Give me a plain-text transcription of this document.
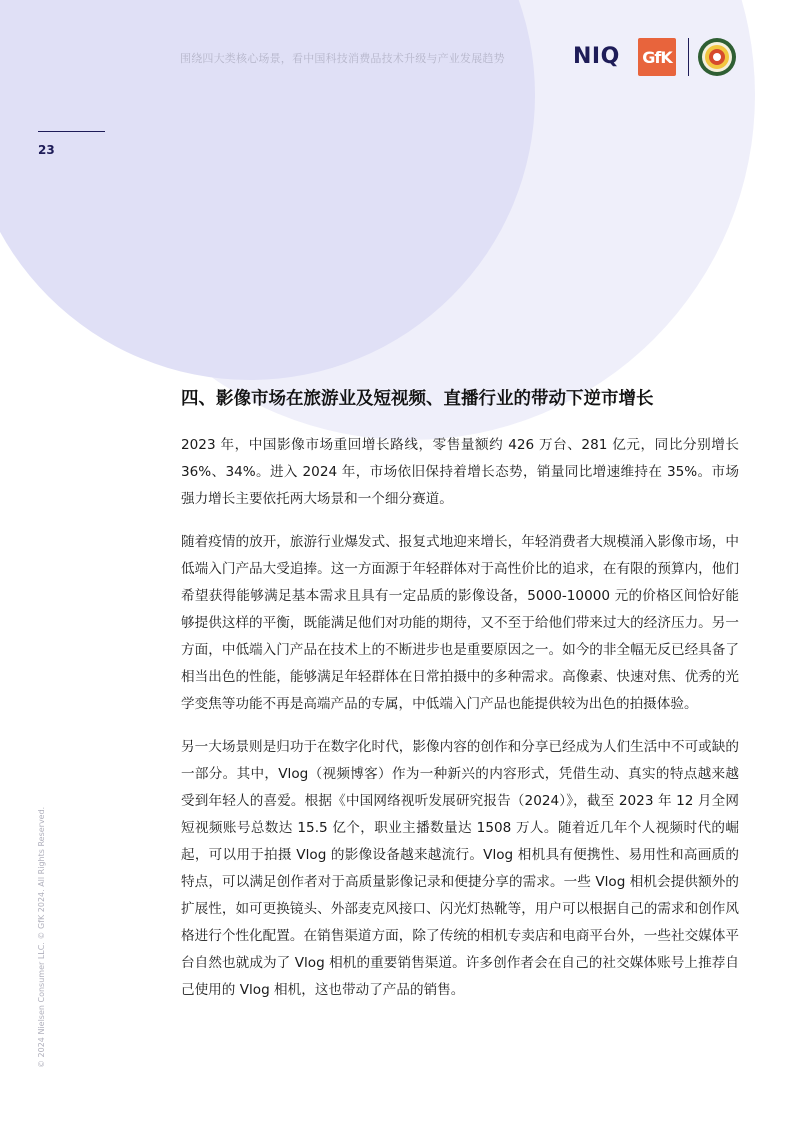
围绕四大类核心场景，看中国科技消费品技术升级与产业发展趋势	NIQ GfK
23
© 2024 Nielsen Consumer LLC. © GfK 2024. All Rights Reserved.
四、影像市场在旅游业及短视频、直播行业的带动下逆市增长

2023 年，中国影像市场重回增长路线，零售量额约 426 万台、281 亿元，同比分别增长 36%、34%。进入 2024 年，市场依旧保持着增长态势，销量同比增速维持在 35%。市场强力增长主要依托两大场景和一个细分赛道。

随着疫情的放开，旅游行业爆发式、报复式地迎来增长，年轻消费者大规模涌入影像市场，中低端入门产品大受追捧。这一方面源于年轻群体对于高性价比的追求，在有限的预算内，他们希望获得能够满足基本需求且具有一定品质的影像设备，5000-10000 元的价格区间恰好能够提供这样的平衡，既能满足他们对功能的期待，又不至于给他们带来过大的经济压力。另一方面，中低端入门产品在技术上的不断进步也是重要原因之一。如今的非全幅无反已经具备了相当出色的性能，能够满足年轻群体在日常拍摄中的多种需求。高像素、快速对焦、优秀的光学变焦等功能不再是高端产品的专属，中低端入门产品也能提供较为出色的拍摄体验。

另一大场景则是归功于在数字化时代，影像内容的创作和分享已经成为人们生活中不可或缺的一部分。其中，Vlog（视频博客）作为一种新兴的内容形式，凭借生动、真实的特点越来越受到年轻人的喜爱。根据《中国网络视听发展研究报告（2024）》，截至 2023 年 12 月全网短视频账号总数达 15.5 亿个，职业主播数量达 1508 万人。随着近几年个人视频时代的崛起，可以用于拍摄 Vlog 的影像设备越来越流行。Vlog 相机具有便携性、易用性和高画质的特点，可以满足创作者对于高质量影像记录和便捷分享的需求。一些 Vlog 相机会提供额外的扩展性，如可更换镜头、外部麦克风接口、闪光灯热靴等，用户可以根据自己的需求和创作风格进行个性化配置。在销售渠道方面，除了传统的相机专卖店和电商平台外，一些社交媒体平台自然也就成为了 Vlog 相机的重要销售渠道。许多创作者会在自己的社交媒体账号上推荐自己使用的 Vlog 相机，这也带动了产品的销售。
